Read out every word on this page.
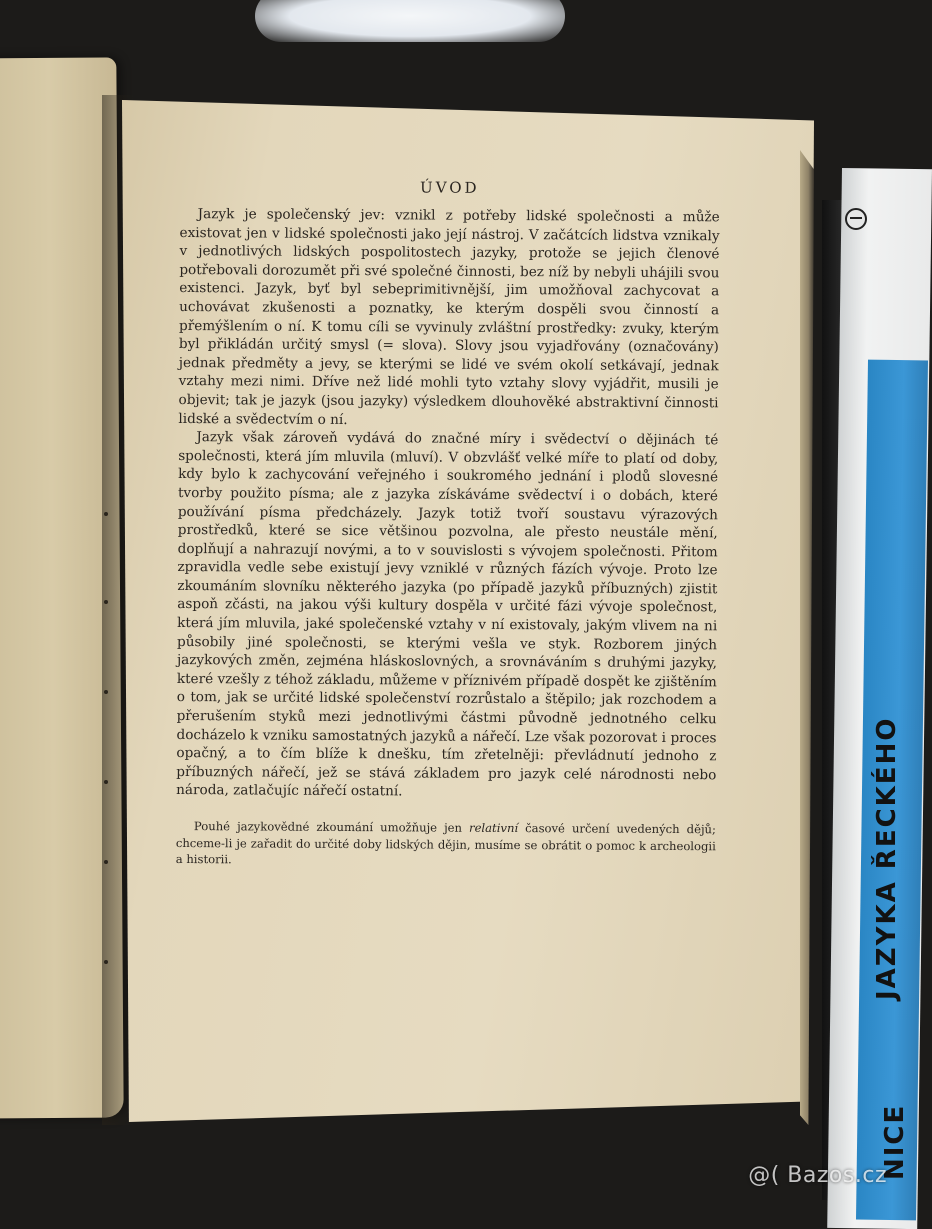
ÚVOD

Jazyk je společenský jev: vznikl z potřeby lidské společnosti a může existovat jen v lidské společnosti jako její nástroj. V začátcích lidstva vznikaly v jednotlivých lidských pospolitostech jazyky, protože se jejich členové potřebovali dorozumět při své společné činnosti, bez níž by nebyli uhájili svou existenci. Jazyk, byť byl sebeprimitivnější, jim umožňoval zachycovat a uchovávat zkušenosti a poznatky, ke kterým dospěli svou činností a přemýšlením o ní. K tomu cíli se vyvinuly zvláštní prostředky: zvuky, kterým byl přikládán určitý smysl (= slova). Slovy jsou vyjadřovány (označovány) jednak předměty a jevy, se kterými se lidé ve svém okolí setkávají, jednak vztahy mezi nimi. Dříve než lidé mohli tyto vztahy slovy vyjádřit, musili je objevit; tak je jazyk (jsou jazyky) výsledkem dlouhověké abstraktivní činnosti lidské a svědectvím o ní.

Jazyk však zároveň vydává do značné míry i svědectví o dějinách té společnosti, která jím mluvila (mluví). V obzvlášť velké míře to platí od doby, kdy bylo k zachycování veřejného i soukromého jednání i plodů slovesné tvorby použito písma; ale z jazyka získáváme svědectví i o dobách, které používání písma předcházely. Jazyk totiž tvoří soustavu výrazových prostředků, které se sice většinou pozvolna, ale přesto neustále mění, doplňují a nahrazují novými, a to v souvislosti s vývojem společnosti. Přitom zpravidla vedle sebe existují jevy vzniklé v různých fázích vývoje. Proto lze zkoumáním slovníku některého jazyka (po případě jazyků příbuzných) zjistit aspoň zčásti, na jakou výši kultury dospěla v určité fázi vývoje společnost, která jím mluvila, jaké společenské vztahy v ní existovaly, jakým vlivem na ni působily jiné společnosti, se kterými vešla ve styk. Rozborem jiných jazykových změn, zejména hláskoslovných, a srovnáváním s druhými jazyky, které vzešly z téhož základu, můžeme v příznivém případě dospět ke zjištěním o tom, jak se určité lidské společenství rozrůstalo a štěpilo; jak rozchodem a přerušením styků mezi jednotlivými částmi původně jednotného celku docházelo k vzniku samostatných jazyků a nářečí. Lze však pozorovat i proces opačný, a to čím blíže k dnešku, tím zřetelněji: převládnutí jednoho z příbuzných nářečí, jež se stává základem pro jazyk celé národnosti nebo národa, zatlačujíc nářečí ostatní.

Pouhé jazykovědné zkoumání umožňuje jen relativní časové určení uvedených dějů; chceme-li je zařadit do určité doby lidských dějin, musíme se obrátit o pomoc k archeologii a historii.	JAZYKA ŘECKÉHO
NICE
@( Bazos.cz
